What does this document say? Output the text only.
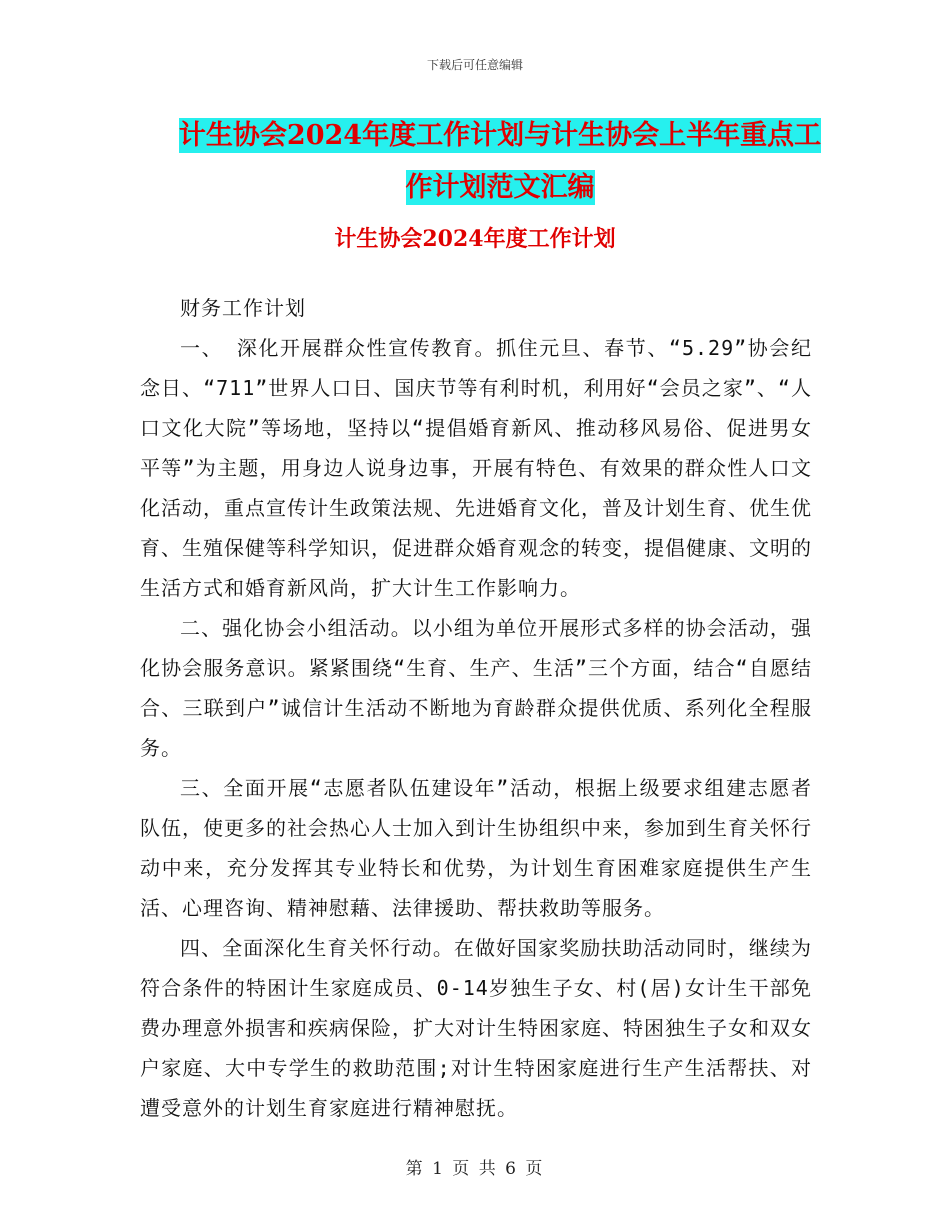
下载后可任意编辑
计生协会2024年度工作计划与计生协会上半年重点工
作计划范文汇编
计生协会2024年度工作计划

财务工作计划

一、 深化开展群众性宣传教育。抓住元旦、春节、“5.29”协会纪念日、“711”世界人口日、国庆节等有利时机，利用好“会员之家”、“人口文化大院”等场地，坚持以“提倡婚育新风、推动移风易俗、促进男女平等”为主题，用身边人说身边事，开展有特色、有效果的群众性人口文化活动，重点宣传计生政策法规、先进婚育文化，普及计划生育、优生优育、生殖保健等科学知识，促进群众婚育观念的转变，提倡健康、文明的生活方式和婚育新风尚，扩大计生工作影响力。

二、强化协会小组活动。以小组为单位开展形式多样的协会活动，强化协会服务意识。紧紧围绕“生育、生产、生活”三个方面，结合“自愿结合、三联到户”诚信计生活动不断地为育龄群众提供优质、系列化全程服务。

三、全面开展“志愿者队伍建设年”活动，根据上级要求组建志愿者队伍，使更多的社会热心人士加入到计生协组织中来，参加到生育关怀行动中来，充分发挥其专业特长和优势，为计划生育困难家庭提供生产生活、心理咨询、精神慰藉、法律援助、帮扶救助等服务。

四、全面深化生育关怀行动。在做好国家奖励扶助活动同时，继续为符合条件的特困计生家庭成员、0-14岁独生子女、村(居)女计生干部免费办理意外损害和疾病保险，扩大对计生特困家庭、特困独生子女和双女户家庭、大中专学生的救助范围;对计生特困家庭进行生产生活帮扶、对遭受意外的计划生育家庭进行精神慰抚。

第 1 页 共 6 页
